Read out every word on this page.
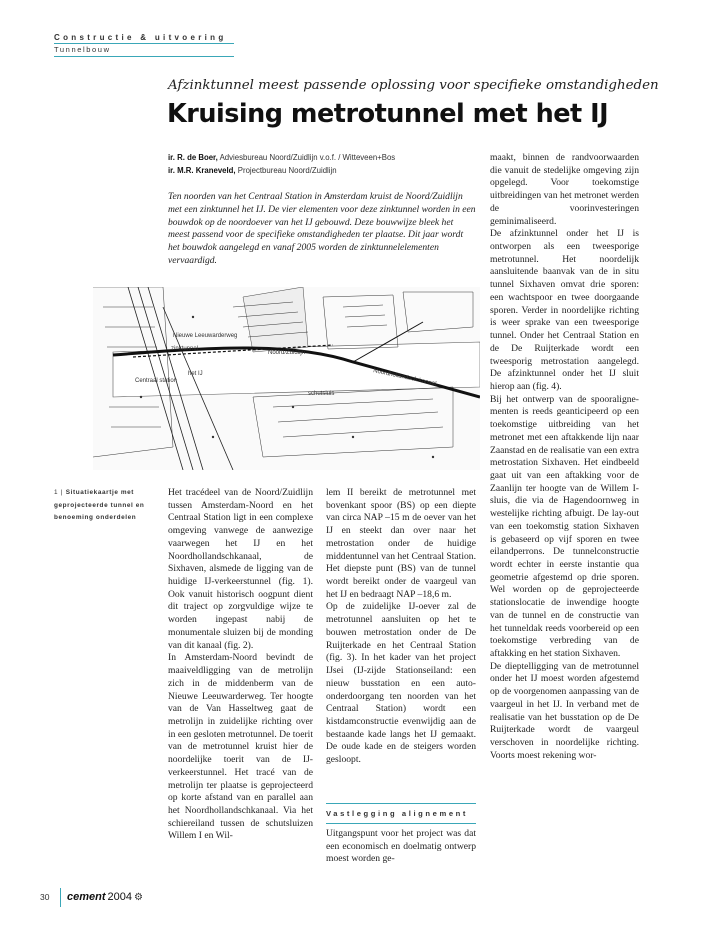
Constructie & uitvoering
Tunnelbouw
Afzinktunnel meest passende oplossing voor specifieke omstandigheden
Kruising metrotunnel met het IJ
ir. R. de Boer, Adviesbureau Noord/Zuidlijn v.o.f. / Witteveen+Bos
ir. M.R. Kraneveld, Projectbureau Noord/Zuidlijn
Ten noorden van het Centraal Station in Amsterdam kruist de Noord/Zuidlijn met een zinktunnel het IJ. De vier elementen voor deze zinktunnel worden in een bouwdok op de noordoever van het IJ gebouwd. Deze bouwwijze bleek het meest passend voor de specifieke omstandigheden ter plaatse. Dit jaar wordt het bouwdok aangelegd en vanaf 2005 worden de zinktunnelelementen vervaardigd.
Nieuwe Leeuwarderweg
zinktunnel
het IJ
Centraal station	Noordhollandsch kanaal
schutsluis
Noord/Zuidlijn
1 | Situatiekaartje met geprojecteerde tunnel en benoeming onderdelen

Het tracédeel van de Noord/Zuidlijn tussen Amsterdam-Noord en het Centraal Station ligt in een complexe omgeving vanwege de aanwezige vaarwegen het IJ en het Noordhollandschkanaal, de Sixhaven, alsmede de ligging van de huidige IJ-verkeerstunnel (fig. 1). Ook vanuit historisch oogpunt dient dit traject op zorgvuldige wijze te worden ingepast nabij de monumentale sluizen bij de monding van dit kanaal (fig. 2).

In Amsterdam-Noord bevindt de maaiveldligging van de metrolijn zich in de middenberm van de Nieuwe Leeuwarderweg. Ter hoogte van de Van Hasseltweg gaat de metrolijn in zuidelijke richting over in een gesloten metrotunnel. De toerit van de metrotunnel kruist hier de noordelijke toerit van de IJ-verkeerstunnel. Het tracé van de metrolijn ter plaatse is geprojecteerd op korte afstand van en parallel aan het Noordhollandschkanaal. Via het schiereiland tussen de schutsluizen Willem I en Wil-

lem II bereikt de metrotunnel met bovenkant spoor (BS) op een diepte van circa NAP –15 m de oever van het IJ en steekt dan over naar het metrostation onder de huidige middentunnel van het Centraal Station. Het diepste punt (BS) van de tunnel wordt bereikt onder de vaargeul van het IJ en bedraagt NAP –18,6 m.

Op de zuidelijke IJ-oever zal de metrotunnel aansluiten op het te bouwen metrostation onder de De Ruijterkade en het Centraal Station (fig. 3). In het kader van het project IJsei (IJ-zijde Stationseiland: een nieuw busstation en een auto-onderdoorgang ten noorden van het Centraal Station) wordt een kistdamconstructie evenwijdig aan de bestaande kade langs het IJ gemaakt. De oude kade en de steigers worden gesloopt.

Vastlegging alignement

Uitgangspunt voor het project was dat een economisch en doelmatig ontwerp moest worden ge-

maakt, binnen de randvoorwaarden die vanuit de stedelijke omgeving zijn opgelegd. Voor toekomstige uitbreidingen van het metronet werden de voorinvesteringen geminimaliseerd.

De afzinktunnel onder het IJ is ontworpen als een tweesporige metrotunnel. Het noordelijk aansluitende baanvak van de in situ tunnel Sixhaven omvat drie sporen: een wachtspoor en twee doorgaande sporen. Verder in noordelijke richting is weer sprake van een tweesporige tunnel. Onder het Centraal Station en de De Ruijterkade wordt een tweesporig metrostation aangelegd. De afzinktunnel onder het IJ sluit hierop aan (fig. 4).

Bij het ontwerp van de spooraligne-menten is reeds geanticipeerd op een toekomstige uitbreiding van het metronet met een aftakkende lijn naar Zaanstad en de realisatie van een extra metrostation Sixhaven. Het eindbeeld gaat uit van een aftakking voor de Zaanlijn ter hoogte van de Willem I-sluis, die via de Hagendoornweg in westelijke richting afbuigt. De lay-out van een toekomstig station Sixhaven is gebaseerd op vijf sporen en twee eilandperrons. De tunnelconstructie wordt echter in eerste instantie qua geometrie afgestemd op drie sporen. Wel worden op de geprojecteerde stationslocatie de inwendige hoogte van de tunnel en de constructie van het tunneldak reeds voorbereid op een toekomstige verbreding van de aftakking en het station Sixhaven.

De dieptelligging van de metrotunnel onder het IJ moest worden afgestemd op de voorgenomen aanpassing van de vaargeul in het IJ. In verband met de realisatie van het busstation op de De Ruijterkade wordt de vaargeul verschoven in noordelijke richting. Voorts moest rekening wor-

30 cement 2004 ⚙
